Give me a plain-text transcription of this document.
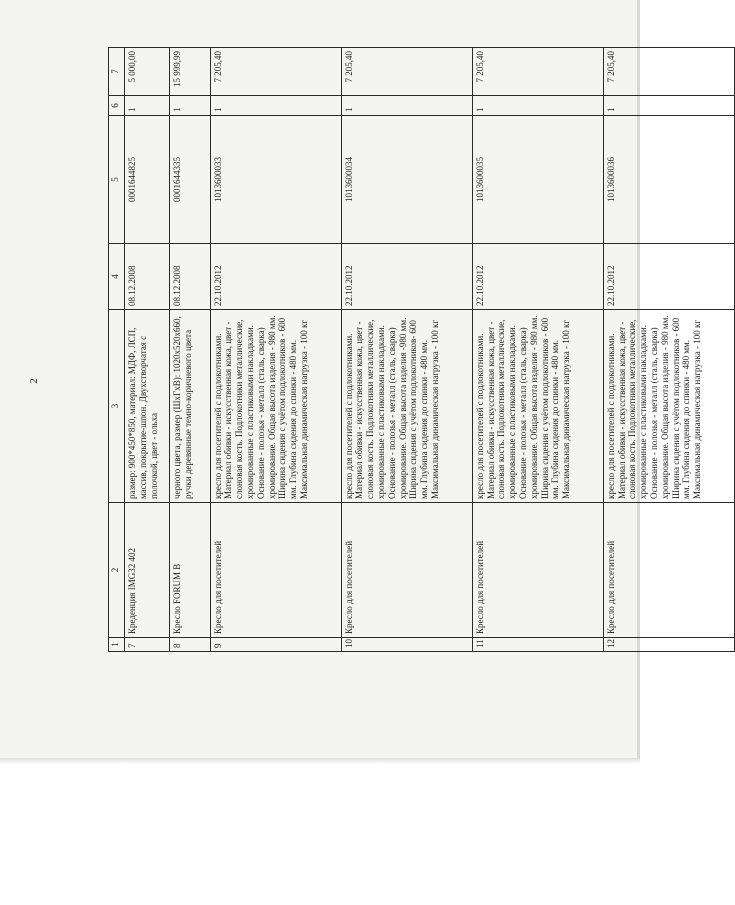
2
1	2	3	4	5	6	7
7	Креденция IMG32 402	размер: 900*450*850, материал: МДФ, ЛСП, массив, покрытие-шпон. Двухстворчатая с полочкой, цвет - ольха	08.12.2008	0001644825	1	5 000,00
8	Кресло FORUM B	черного цвета, размер (ШхГхВ): 1020х520х660, ручки деревянные темно-коричневого цвета	08.12.2008	0001644335	1	15 999,99
9	Кресло для посетителей	кресло для посетителей с подлокотниками. Материал обивки - искусственная кожа, цвет - слоновая кость. Подлокотники металлические, хромированные с пластиковыми накладками. Основание - полозья - металл (сталь, сварка) хромирование. Общая высота изделия - 980 мм. Ширина сидения с учётом подлокотников - 600 мм. Глубина сидения до спинки - 480 мм. Максимальная динамическая нагрузка - 100 кг	22.10.2012	1013600033	1	7 205,40
10	Кресло для посетителей	кресло для посетителей с подлокотниками. Материал обивки - искусственная кожа, цвет - слоновая кость. Подлокотники металлические, хромированные с пластиковыми накладками. Основание - полозья - металл (сталь, сварка) хромирование. Общая высота изделия -980 мм. Ширина сидения с учётом подлокотников- 600 мм. Глубина сидения до спинки - 480 мм. Максимальная динамическая нагрузка - 100 кг	22.10.2012	1013600034	1	7 205,40
11	Кресло для посетителей	кресло для посетителей с подлокотниками. Материал обивки - искусственная кожа, цвет - слоновая кость. Подлокотники металлические, хромированные с пластиковыми накладками. Основание - полозья - металл (сталь, сварка) хромирование. Общая высота изделия - 980 мм. Ширина сидения с учётом подлокотников - 600 мм. Глубина сидения до спинки - 480 мм. Максимальная динамическая нагрузка - 100 кг	22.10.2012	1013600035	1	7 205,40
12	Кресло для посетителей	кресло для посетителей с подлокотниками. Материал обивки - искусственная кожа, цвет - слоновая кость. Подлокотники металлические, хромированные с пластиковыми накладками. Основание - полозья - металл (сталь, сварка) хромирование. Общая высота изделия - 980 мм. Ширина сидения с учётом подлокотников - 600 мм. Глубина сидения до спинки - 480 мм. Максимальная динамическая нагрузка - 100 кг	22.10.2012	1013600036	1	7 205,40
